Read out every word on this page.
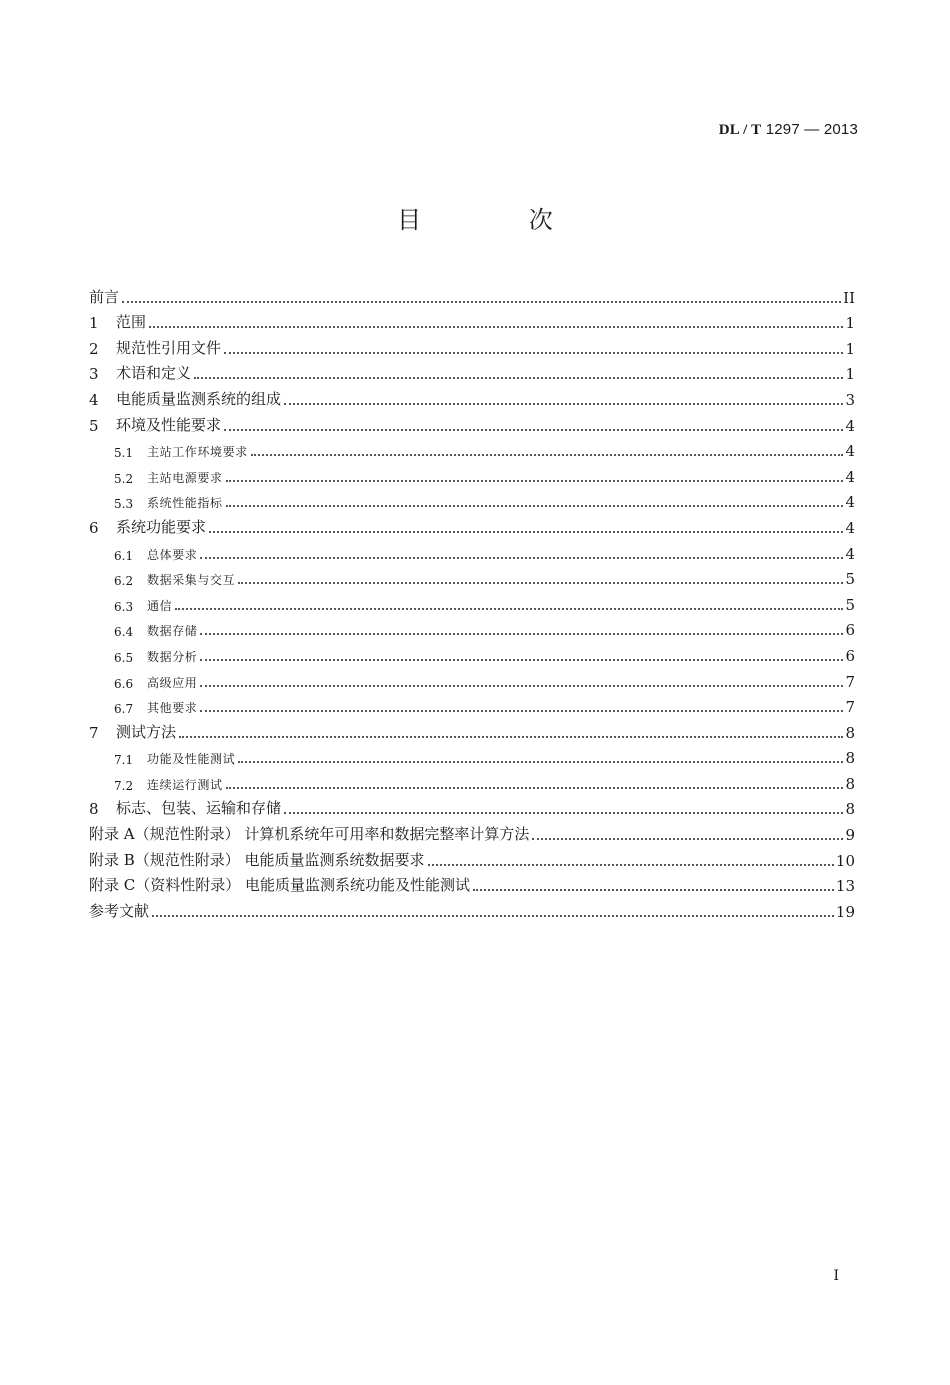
DL / T 1297 — 2013
目 次
前言	II
1	范围	1
2	规范性引用文件	1
3	术语和定义	1
4	电能质量监测系统的组成	3
5	环境及性能要求	4
5.1	主站工作环境要求	4
5.2	主站电源要求	4
5.3	系统性能指标	4
6	系统功能要求	4
6.1	总体要求	4
6.2	数据采集与交互	5
6.3	通信	5
6.4	数据存储	6
6.5	数据分析	6
6.6	高级应用	7
6.7	其他要求	7
7	测试方法	8
7.1	功能及性能测试	8
7.2	连续运行测试	8
8	标志、包装、运输和存储	8
附录 A（规范性附录） 计算机系统年可用率和数据完整率计算方法	9
附录 B（规范性附录） 电能质量监测系统数据要求	10
附录 C（资料性附录） 电能质量监测系统功能及性能测试	13
参考文献	19
I
